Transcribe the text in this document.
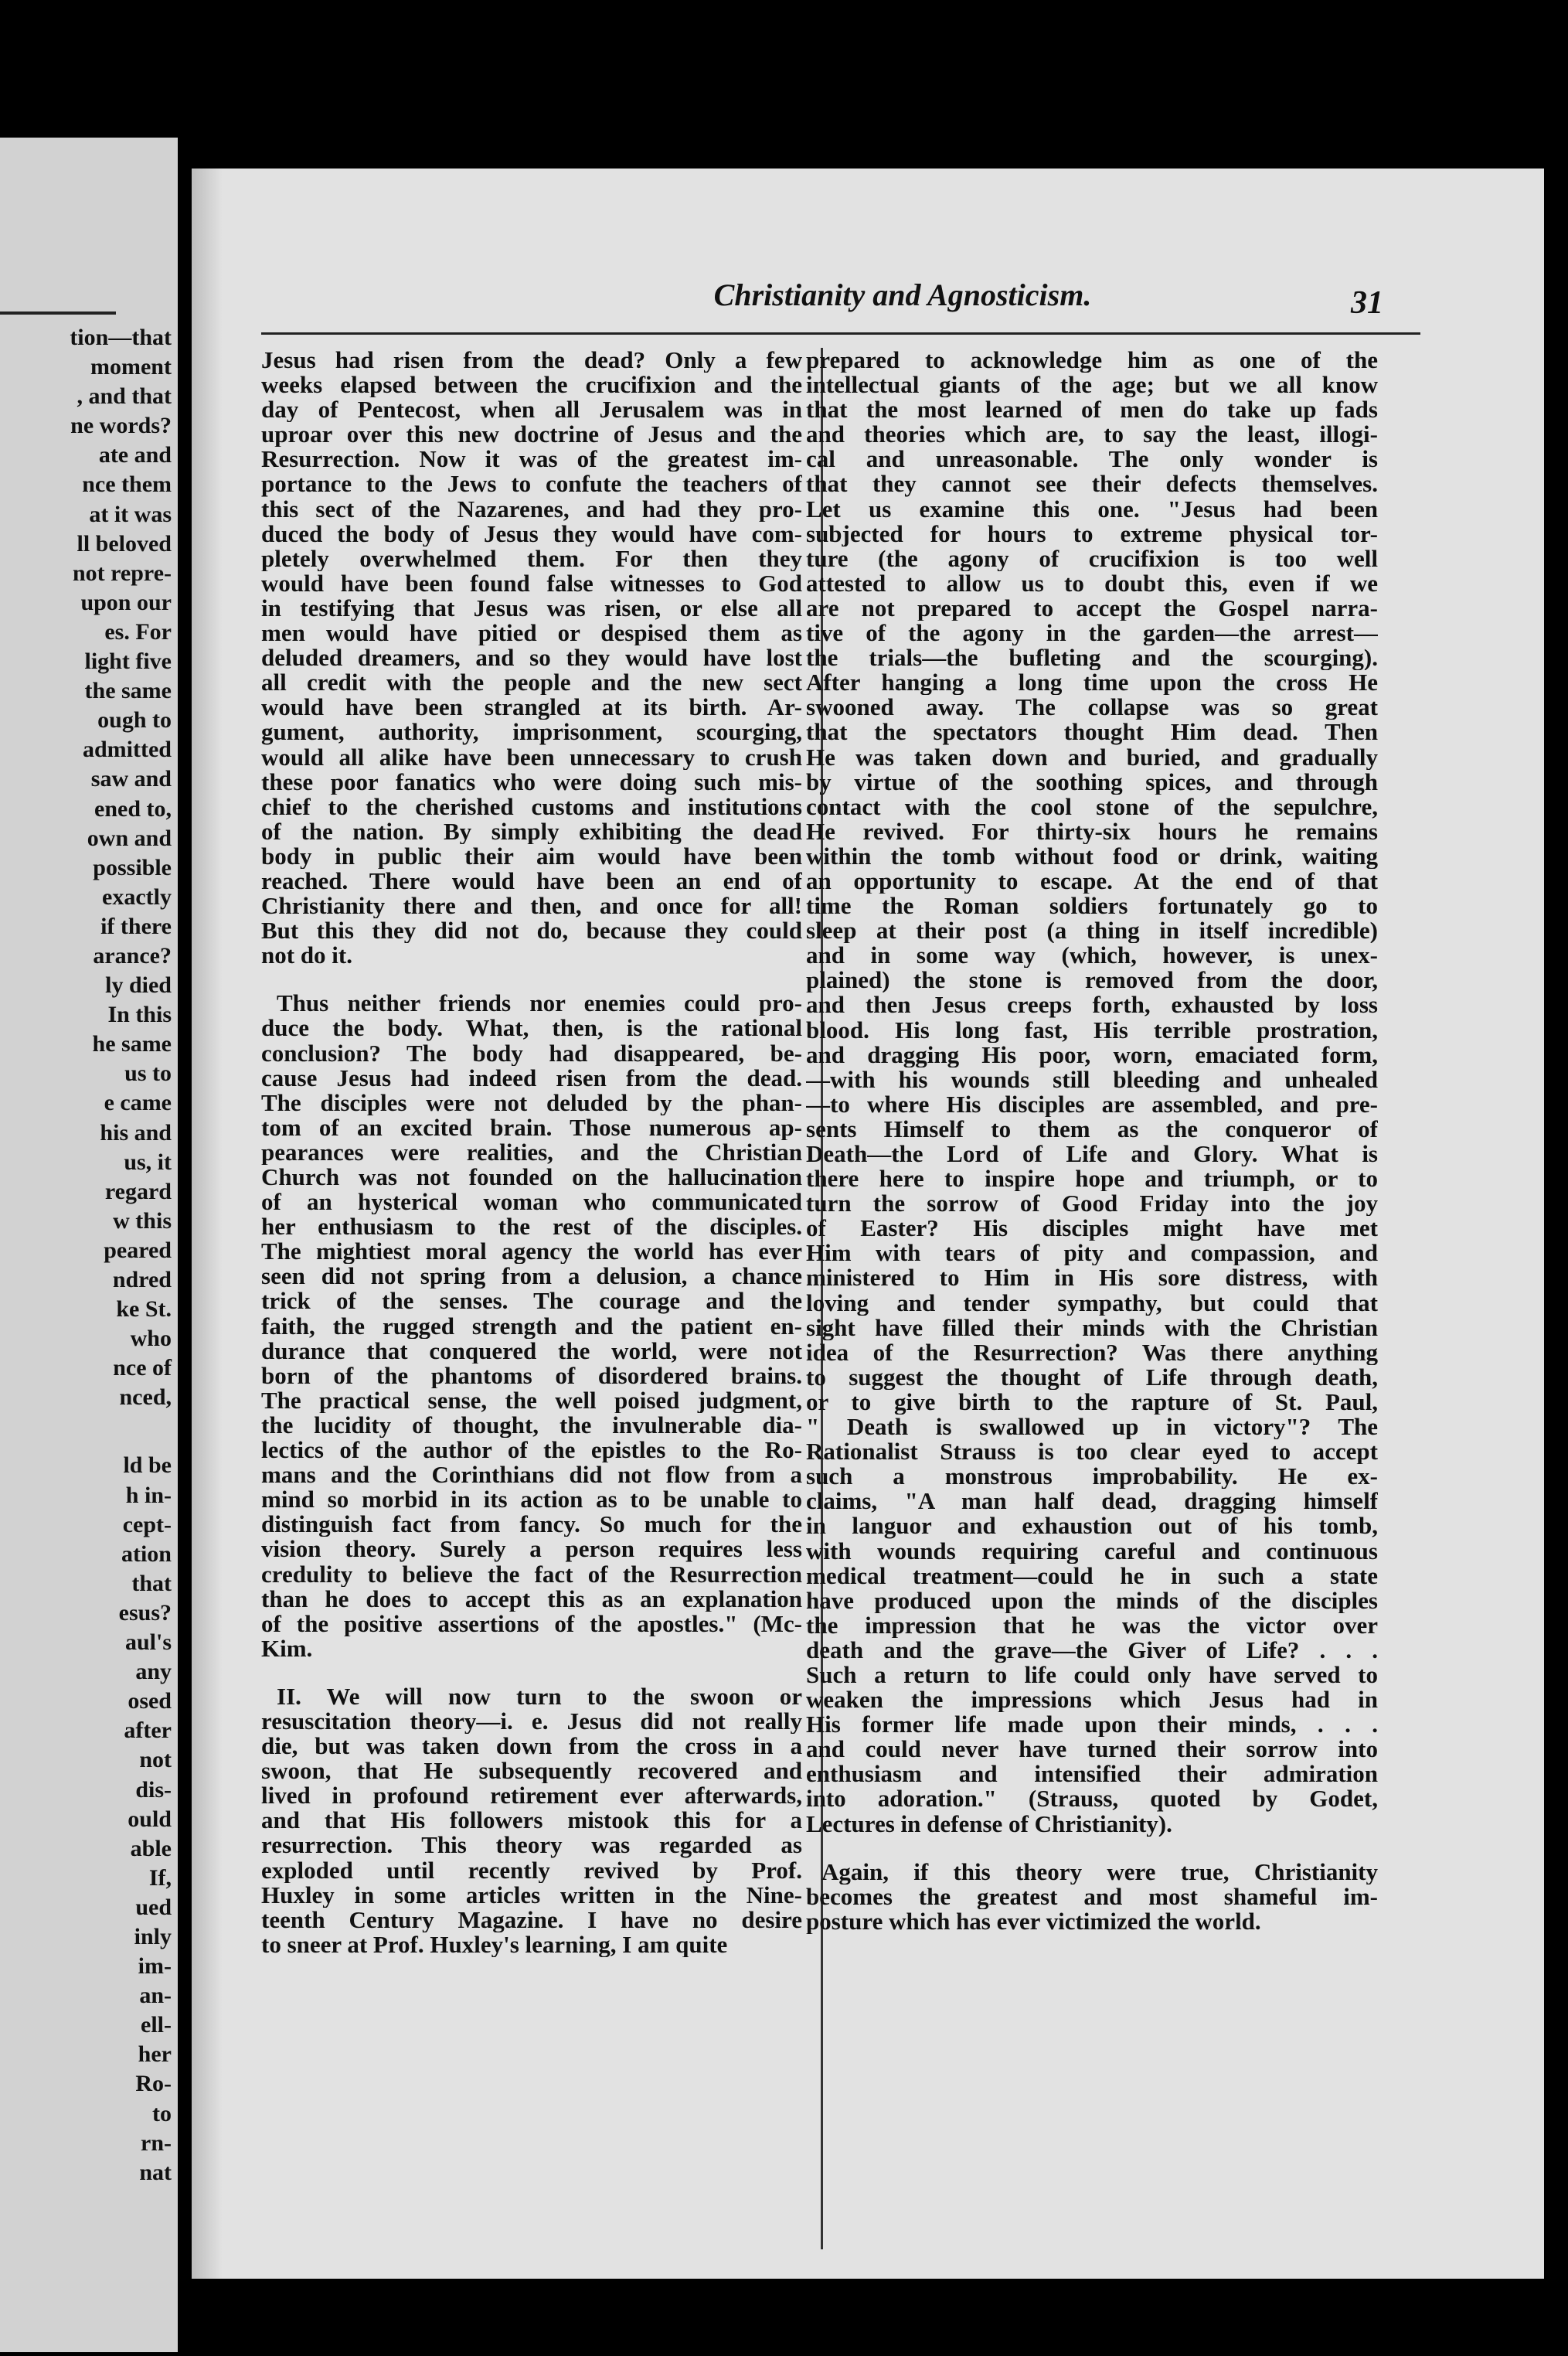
tion—that
moment
, and that
ne words?
ate and
nce them
at it was
ll beloved
not repre-
upon our
es. For
light five
the same
ough to
admitted
saw and
ened to,
own and
possible
exactly
if there
arance?
ly died
In this
he same
us to
e came
his and
us, it
regard
w this
peared
ndred
ke St.
who
nce of
nced,
ld be
h in-
cept-
ation
that
esus?
aul's
any
osed
after
not
dis-
ould
able
If,
ued
inly
im-
an-
ell-
her
Ro-
to
rn-
nat
Christianity and Agnosticism.	31
Jesus had risen from the dead? Only a few
weeks elapsed between the crucifixion and the
day of Pentecost, when all Jerusalem was in
uproar over this new doctrine of Jesus and the
Resurrection. Now it was of the greatest im-
portance to the Jews to confute the teachers of
this sect of the Nazarenes, and had they pro-
duced the body of Jesus they would have com-
pletely overwhelmed them. For then they
would have been found false witnesses to God
in testifying that Jesus was risen, or else all
men would have pitied or despised them as
deluded dreamers, and so they would have lost
all credit with the people and the new sect
would have been strangled at its birth. Ar-
gument, authority, imprisonment, scourging,
would all alike have been unnecessary to crush
these poor fanatics who were doing such mis-
chief to the cherished customs and institutions
of the nation. By simply exhibiting the dead
body in public their aim would have been
reached. There would have been an end of
Christianity there and then, and once for all!
But this they did not do, because they could
not do it.
Thus neither friends nor enemies could pro-
duce the body. What, then, is the rational
conclusion? The body had disappeared, be-
cause Jesus had indeed risen from the dead.
The disciples were not deluded by the phan-
tom of an excited brain. Those numerous ap-
pearances were realities, and the Christian
Church was not founded on the hallucination
of an hysterical woman who communicated
her enthusiasm to the rest of the disciples.
The mightiest moral agency the world has ever
seen did not spring from a delusion, a chance
trick of the senses. The courage and the
faith, the rugged strength and the patient en-
durance that conquered the world, were not
born of the phantoms of disordered brains.
The practical sense, the well poised judgment,
the lucidity of thought, the invulnerable dia-
lectics of the author of the epistles to the Ro-
mans and the Corinthians did not flow from a
mind so morbid in its action as to be unable to
distinguish fact from fancy. So much for the
vision theory. Surely a person requires less
credulity to believe the fact of the Resurrection
than he does to accept this as an explanation
of the positive assertions of the apostles." (Mc-
Kim.
II. We will now turn to the swoon or
resuscitation theory—i. e. Jesus did not really
die, but was taken down from the cross in a
swoon, that He subsequently recovered and
lived in profound retirement ever afterwards,
and that His followers mistook this for a
resurrection. This theory was regarded as
exploded until recently revived by Prof.
Huxley in some articles written in the Nine-
teenth Century Magazine. I have no desire
to sneer at Prof. Huxley's learning, I am quite
prepared to acknowledge him as one of the
intellectual giants of the age; but we all know
that the most learned of men do take up fads
and theories which are, to say the least, illogi-
cal and unreasonable. The only wonder is
that they cannot see their defects themselves.
Let us examine this one. "Jesus had been
subjected for hours to extreme physical tor-
ture (the agony of crucifixion is too well
attested to allow us to doubt this, even if we
are not prepared to accept the Gospel narra-
tive of the agony in the garden—the arrest—
the trials—the bufleting and the scourging).
After hanging a long time upon the cross He
swooned away. The collapse was so great
that the spectators thought Him dead. Then
He was taken down and buried, and gradually
by virtue of the soothing spices, and through
contact with the cool stone of the sepulchre,
He revived. For thirty-six hours he remains
within the tomb without food or drink, waiting
an opportunity to escape. At the end of that
time the Roman soldiers fortunately go to
sleep at their post (a thing in itself incredible)
and in some way (which, however, is unex-
plained) the stone is removed from the door,
and then Jesus creeps forth, exhausted by loss
blood. His long fast, His terrible prostration,
and dragging His poor, worn, emaciated form,
—with his wounds still bleeding and unhealed
—to where His disciples are assembled, and pre-
sents Himself to them as the conqueror of
Death—the Lord of Life and Glory. What is
there here to inspire hope and triumph, or to
turn the sorrow of Good Friday into the joy
of Easter? His disciples might have met
Him with tears of pity and compassion, and
ministered to Him in His sore distress, with
loving and tender sympathy, but could that
sight have filled their minds with the Christian
idea of the Resurrection? Was there anything
to suggest the thought of Life through death,
or to give birth to the rapture of St. Paul,
" Death is swallowed up in victory"? The
Rationalist Strauss is too clear eyed to accept
such a monstrous improbability. He ex-
claims, "A man half dead, dragging himself
in languor and exhaustion out of his tomb,
with wounds requiring careful and continuous
medical treatment—could he in such a state
have produced upon the minds of the disciples
the impression that he was the victor over
death and the grave—the Giver of Life? . . .
Such a return to life could only have served to
weaken the impressions which Jesus had in
His former life made upon their minds, . . .
and could never have turned their sorrow into
enthusiasm and intensified their admiration
into adoration." (Strauss, quoted by Godet,
Lectures in defense of Christianity).
Again, if this theory were true, Christianity
becomes the greatest and most shameful im-
posture which has ever victimized the world.
